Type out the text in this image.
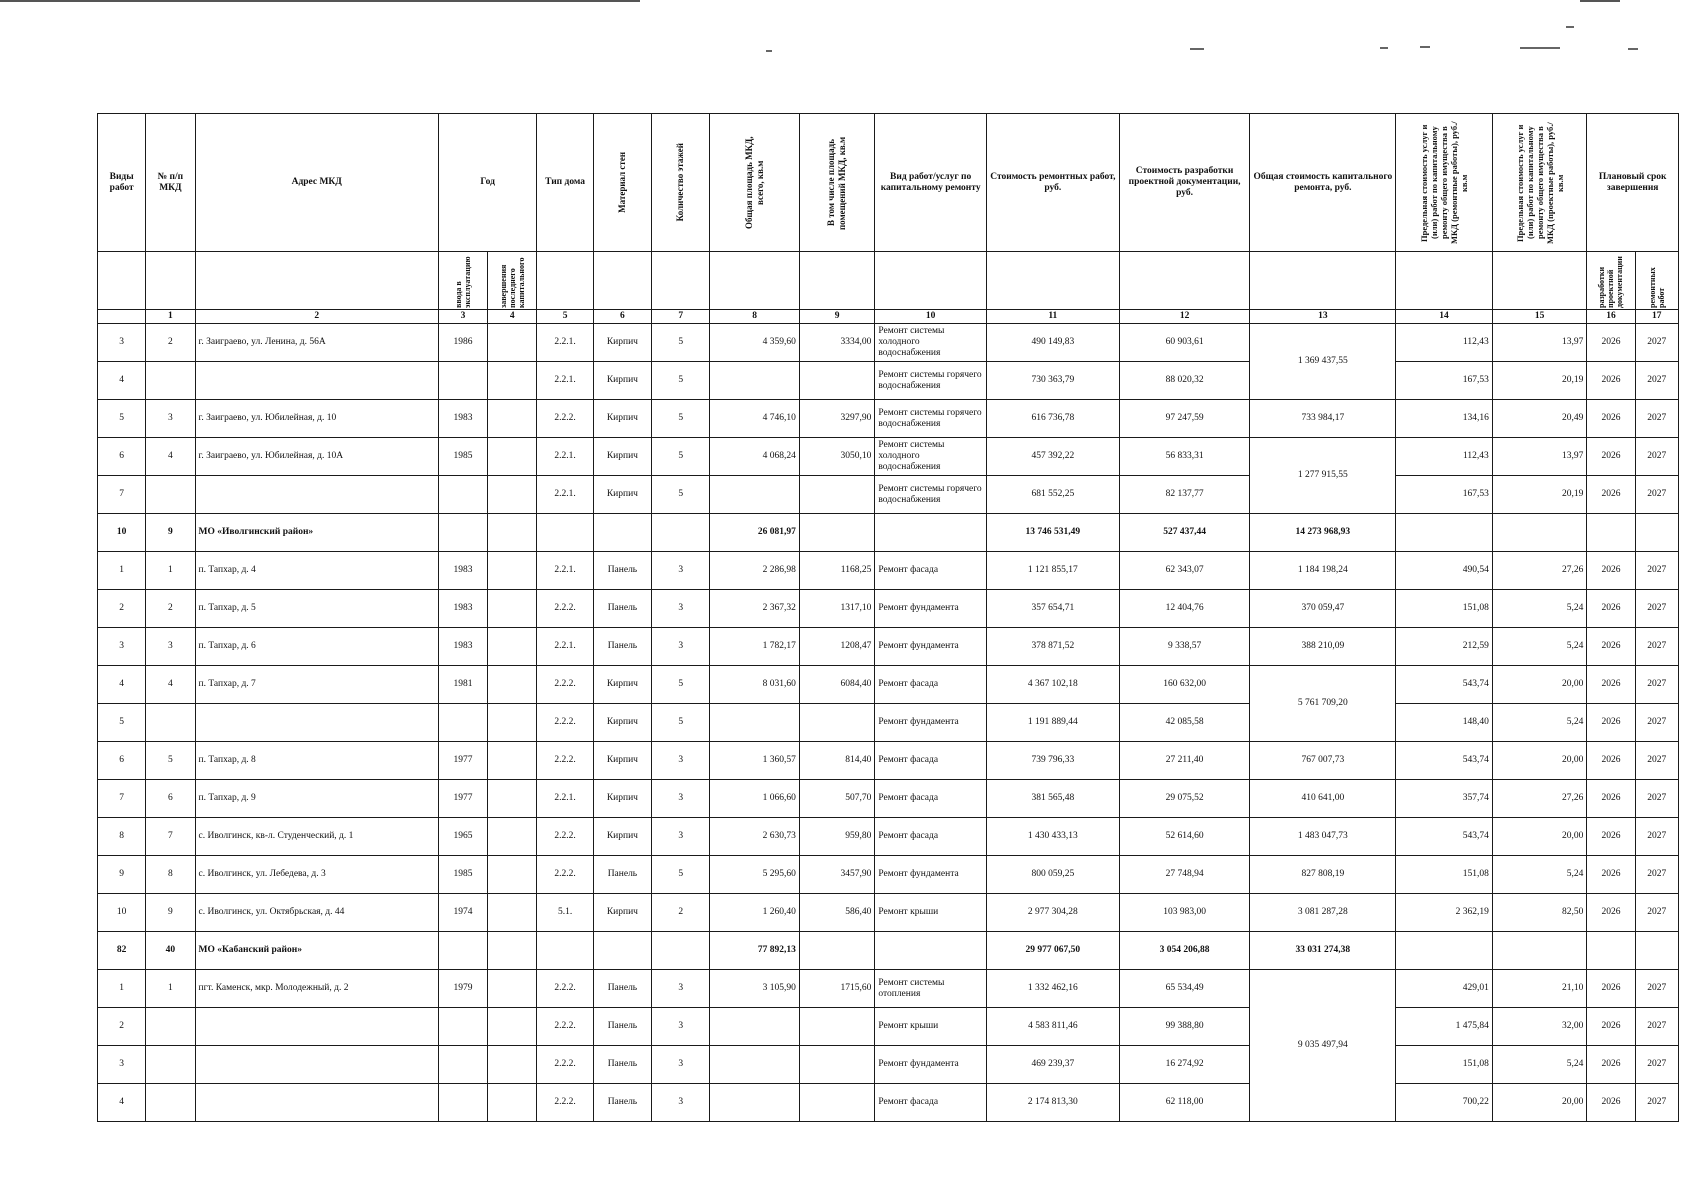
Виды работ	№ п/п МКД	Адрес МКД	Год		Тип дома	Материал стен	Количество этажей	Общая площадь МКД, всего, кв.м	В том числе площадь помещений МКД, кв.м	Вид работ/услуг по капитальному ремонту	Стоимость ремонтных работ, руб.	Стоимость разработки проектной документации, руб.	Общая стоимость капитального ремонта, руб.	Предельная стоимость услуг и (или) работ по капитальному ремонту общего имущества в МКД (ремонтные работы), руб./кв.м	Предельная стоимость услуг и (или) работ по капитальному ремонту общего имущества в МКД (проектные работы), руб./кв.м	Плановый срок завершения	

			ввода в эксплуатацию	завершения последнего капитального												разработки проектной документации	ремонтных работ

	1	2	3	4	5	6	7	8	9	10	11	12	13	14	15	16	17
3	2	г. Заиграево, ул. Ленина, д. 56А	1986		2.2.1.	Кирпич	5	4 359,60	3334,00	Ремонт системы холодного водоснабжения	490 149,83	60 903,61	1 369 437,55	112,43	13,97	2026	2027
4					2.2.1.	Кирпич	5			Ремонт системы горячего водоснабжения	730 363,79	88 020,32		167,53	20,19	2026	2027
5	3	г. Заиграево, ул. Юбилейная, д. 10	1983		2.2.2.	Кирпич	5	4 746,10	3297,90	Ремонт системы горячего водоснабжения	616 736,78	97 247,59	733 984,17	134,16	20,49	2026	2027
6	4	г. Заиграево, ул. Юбилейная, д. 10А	1985		2.2.1.	Кирпич	5	4 068,24	3050,10	Ремонт системы холодного водоснабжения	457 392,22	56 833,31	1 277 915,55	112,43	13,97	2026	2027
7					2.2.1.	Кирпич	5			Ремонт системы горячего водоснабжения	681 552,25	82 137,77		167,53	20,19	2026	2027
10	9	МО «Иволгинский район»						26 081,97			13 746 531,49	527 437,44	14 273 968,93				
1	1	п. Тапхар, д. 4	1983		2.2.1.	Панель	3	2 286,98	1168,25	Ремонт фасада	1 121 855,17	62 343,07	1 184 198,24	490,54	27,26	2026	2027
2	2	п. Тапхар, д. 5	1983		2.2.2.	Панель	3	2 367,32	1317,10	Ремонт фундамента	357 654,71	12 404,76	370 059,47	151,08	5,24	2026	2027
3	3	п. Тапхар, д. 6	1983		2.2.1.	Панель	3	1 782,17	1208,47	Ремонт фундамента	378 871,52	9 338,57	388 210,09	212,59	5,24	2026	2027
4	4	п. Тапхар, д. 7	1981		2.2.2.	Кирпич	5	8 031,60	6084,40	Ремонт фасада	4 367 102,18	160 632,00	5 761 709,20	543,74	20,00	2026	2027
5					2.2.2.	Кирпич	5			Ремонт фундамента	1 191 889,44	42 085,58		148,40	5,24	2026	2027
6	5	п. Тапхар, д. 8	1977		2.2.2.	Кирпич	3	1 360,57	814,40	Ремонт фасада	739 796,33	27 211,40	767 007,73	543,74	20,00	2026	2027
7	6	п. Тапхар, д. 9	1977		2.2.1.	Кирпич	3	1 066,60	507,70	Ремонт фасада	381 565,48	29 075,52	410 641,00	357,74	27,26	2026	2027
8	7	с. Иволгинск, кв-л. Студенческий, д. 1	1965		2.2.2.	Кирпич	3	2 630,73	959,80	Ремонт фасада	1 430 433,13	52 614,60	1 483 047,73	543,74	20,00	2026	2027
9	8	с. Иволгинск, ул. Лебедева, д. 3	1985		2.2.2.	Панель	5	5 295,60	3457,90	Ремонт фундамента	800 059,25	27 748,94	827 808,19	151,08	5,24	2026	2027
10	9	с. Иволгинск, ул. Октябрьская, д. 44	1974		5.1.	Кирпич	2	1 260,40	586,40	Ремонт крыши	2 977 304,28	103 983,00	3 081 287,28	2 362,19	82,50	2026	2027
82	40	МО «Кабанский район»						77 892,13			29 977 067,50	3 054 206,88	33 031 274,38				
1	1	пгт. Каменск, мкр. Молодежный, д. 2	1979		2.2.2.	Панель	3	3 105,90	1715,60	Ремонт системы отопления	1 332 462,16	65 534,49	9 035 497,94	429,01	21,10	2026	2027
2					2.2.2.	Панель	3			Ремонт крыши	4 583 811,46	99 388,80		1 475,84	32,00	2026	2027
3					2.2.2.	Панель	3			Ремонт фундамента	469 239,37	16 274,92		151,08	5,24	2026	2027
4					2.2.2.	Панель	3			Ремонт фасада	2 174 813,30	62 118,00		700,22	20,00	2026	2027
